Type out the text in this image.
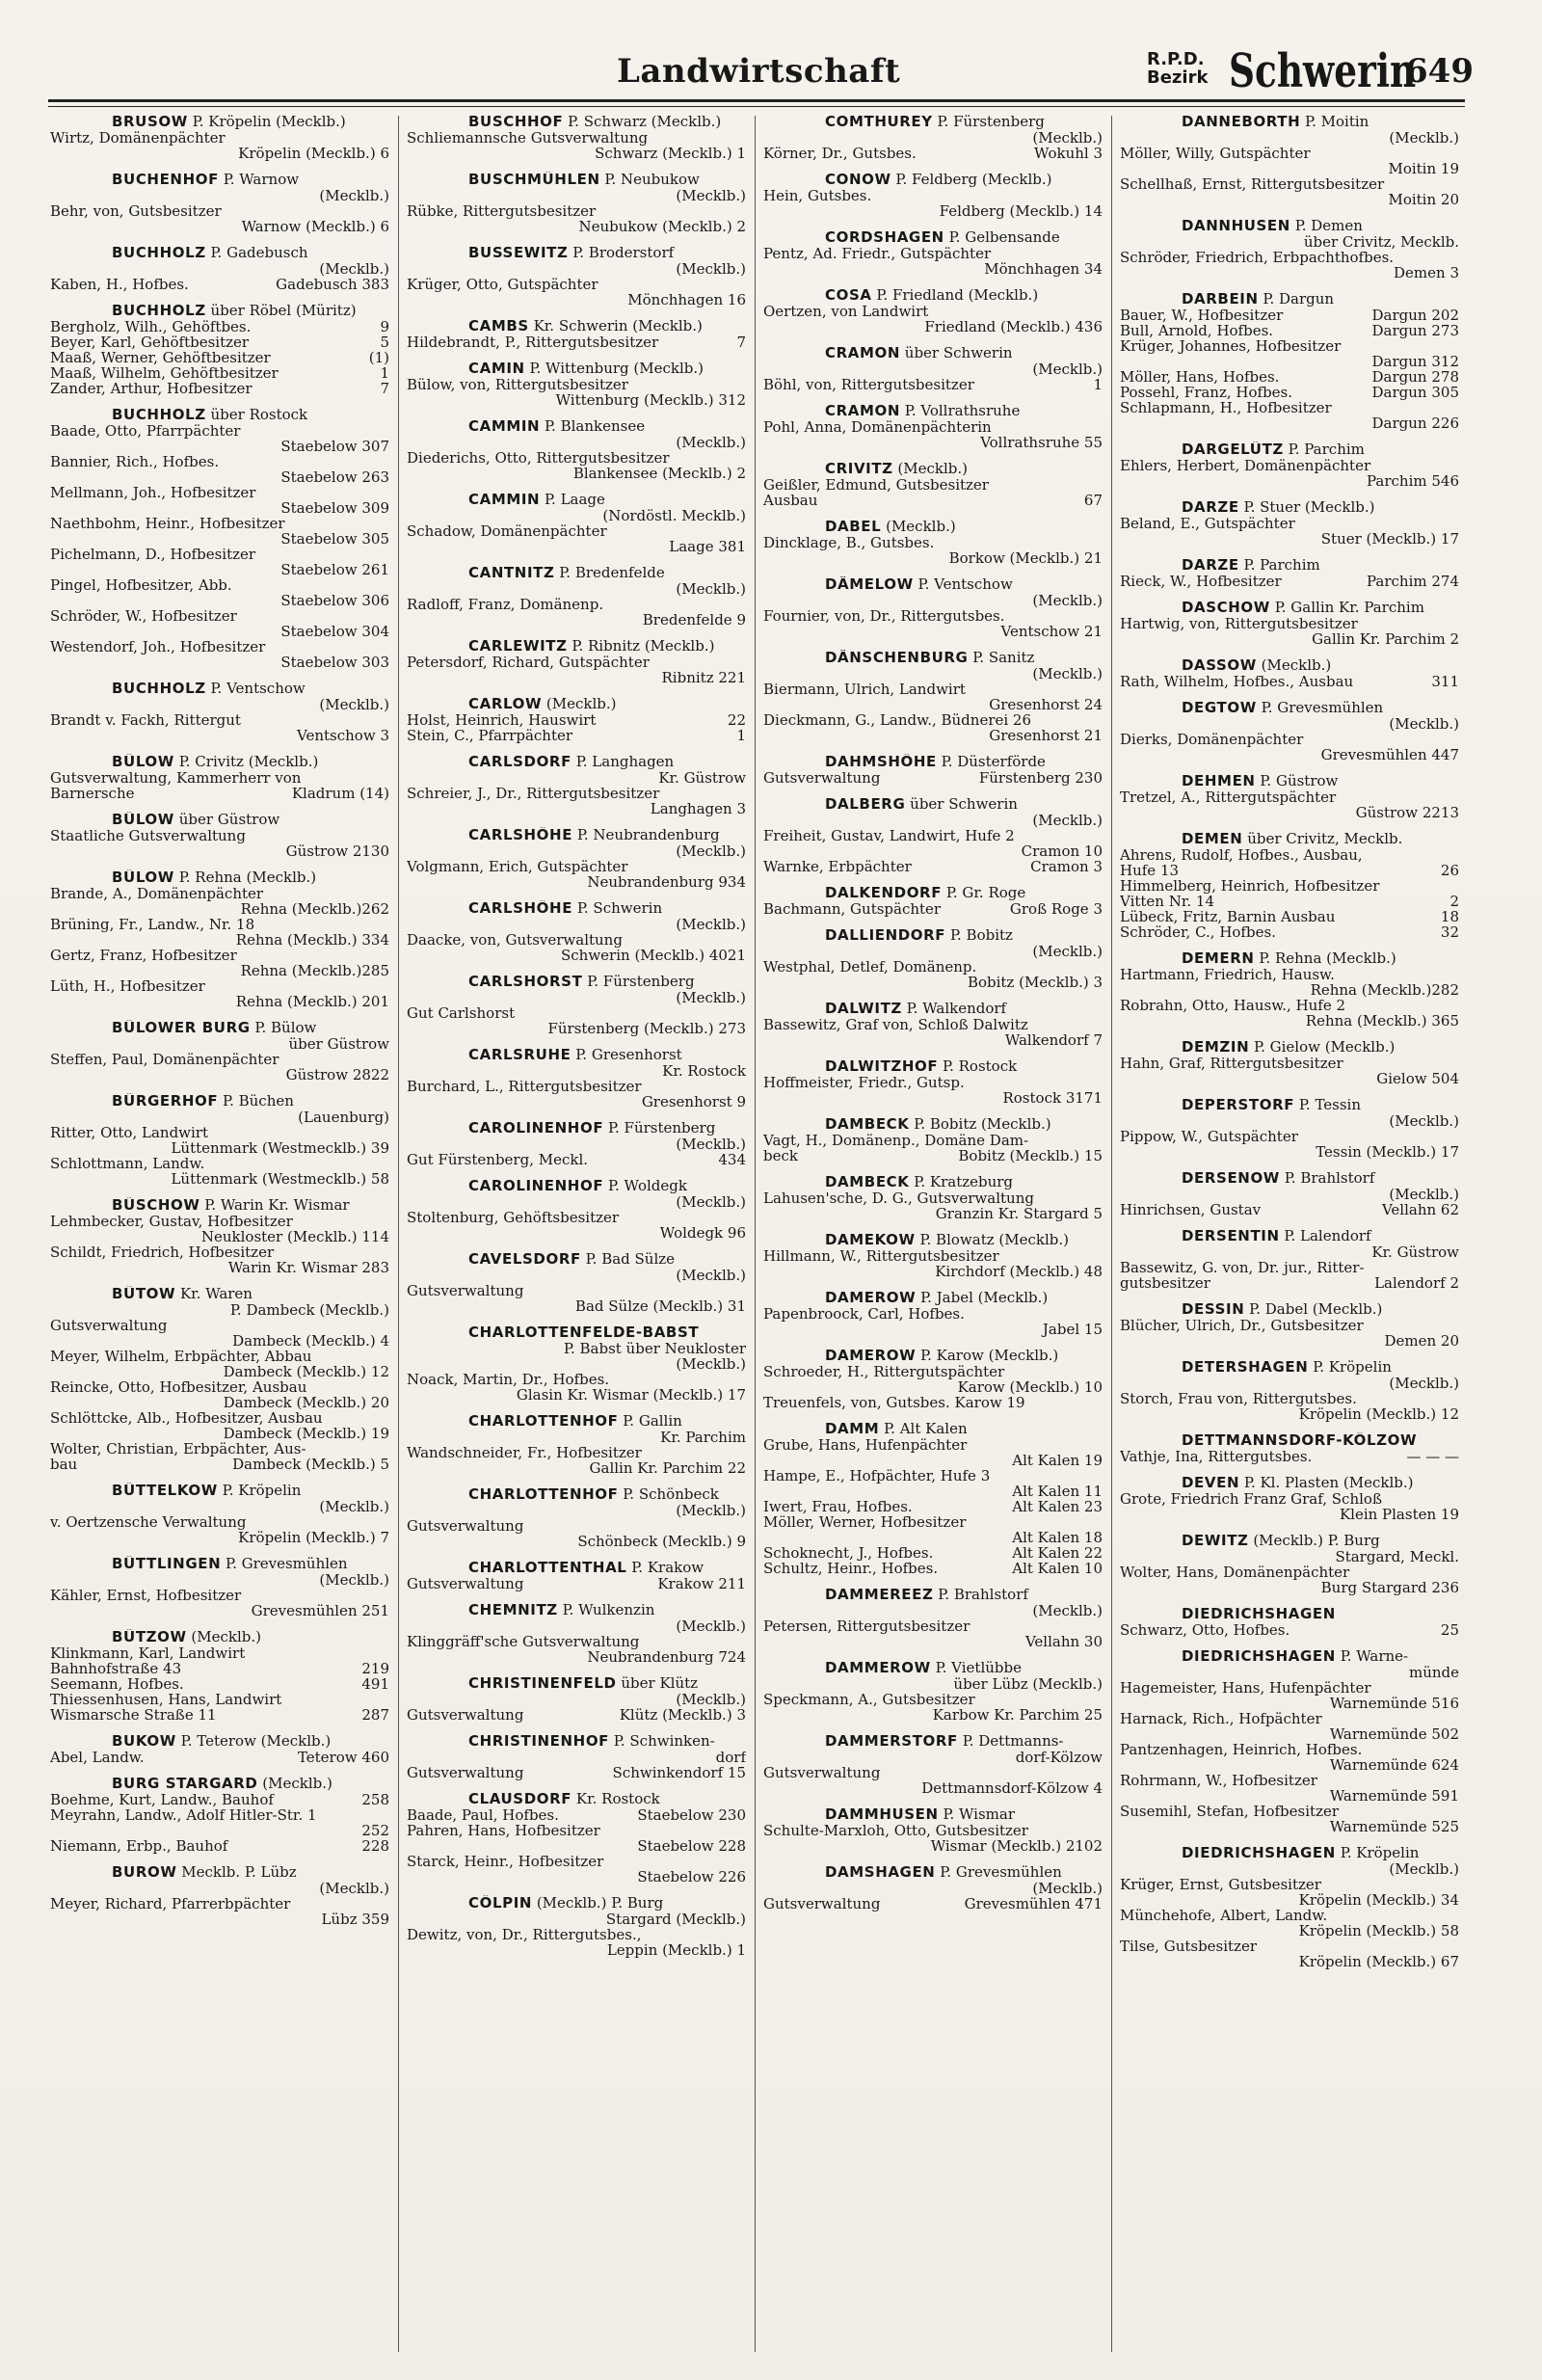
Landwirtschaft	R.P.D.
Bezirk Schwerin
649
BRUSOW P. Kröpelin (Mecklb.)
Wirtz, Domänenpächter
Kröpelin (Mecklb.) 6
BUCHENHOF P. Warnow
(Mecklb.)
Behr, von, Gutsbesitzer
Warnow (Mecklb.) 6
BUCHHOLZ P. Gadebusch
(Mecklb.)
Kaben, H., Hofbes.	Gadebusch 383
BUCHHOLZ über Röbel (Müritz)
Bergholz, Wilh., Gehöftbes.	9
Beyer, Karl, Gehöftbesitzer	5
Maaß, Werner, Gehöftbesitzer	(1)
Maaß, Wilhelm, Gehöftbesitzer	1
Zander, Arthur, Hofbesitzer	7
BUCHHOLZ über Rostock
Baade, Otto, Pfarrpächter
Staebelow 307
Bannier, Rich., Hofbes.
Staebelow 263
Mellmann, Joh., Hofbesitzer
Staebelow 309
Naethbohm, Heinr., Hofbesitzer
Staebelow 305
Pichelmann, D., Hofbesitzer
Staebelow 261
Pingel, Hofbesitzer, Abb.
Staebelow 306
Schröder, W., Hofbesitzer
Staebelow 304
Westendorf, Joh., Hofbesitzer
Staebelow 303
BUCHHOLZ P. Ventschow
(Mecklb.)
Brandt v. Fackh, Rittergut
Ventschow 3
BÜLOW P. Crivitz (Mecklb.)
Gutsverwaltung, Kammerherr von
Barnersche	Kladrum (14)
BÜLOW über Güstrow
Staatliche Gutsverwaltung
Güstrow 2130
BÜLOW P. Rehna (Mecklb.)
Brande, A., Domänenpächter
Rehna (Mecklb.)262
Brüning, Fr., Landw., Nr. 18
Rehna (Mecklb.) 334
Gertz, Franz, Hofbesitzer
Rehna (Mecklb.)285
Lüth, H., Hofbesitzer
Rehna (Mecklb.) 201
BÜLOWER BURG P. Bülow
über Güstrow
Steffen, Paul, Domänenpächter
Güstrow 2822
BÜRGERHOF P. Büchen
(Lauenburg)
Ritter, Otto, Landwirt
Lüttenmark (Westmecklb.) 39
Schlottmann, Landw.
Lüttenmark (Westmecklb.) 58
BÜSCHOW P. Warin Kr. Wismar
Lehmbecker, Gustav, Hofbesitzer
Neukloster (Mecklb.) 114
Schildt, Friedrich, Hofbesitzer
Warin Kr. Wismar 283
BÜTOW Kr. Waren
P. Dambeck (Mecklb.)
Gutsverwaltung
Dambeck (Mecklb.) 4
Meyer, Wilhelm, Erbpächter, Abbau
Dambeck (Mecklb.) 12
Reincke, Otto, Hofbesitzer, Ausbau
Dambeck (Mecklb.) 20
Schlöttcke, Alb., Hofbesitzer, Ausbau
Dambeck (Mecklb.) 19
Wolter, Christian, Erbpächter, Aus-
bau	Dambeck (Mecklb.) 5
BÜTTELKOW P. Kröpelin
(Mecklb.)
v. Oertzensche Verwaltung
Kröpelin (Mecklb.) 7
BÜTTLINGEN P. Grevesmühlen
(Mecklb.)
Kähler, Ernst, Hofbesitzer
Grevesmühlen 251
BÜTZOW (Mecklb.)
Klinkmann, Karl, Landwirt
Bahnhofstraße 43	219
Seemann, Hofbes.	491
Thiessenhusen, Hans, Landwirt
Wismarsche Straße 11	287
BUKOW P. Teterow (Mecklb.)
Abel, Landw.	Teterow 460
BURG STARGARD (Mecklb.)
Boehme, Kurt, Landw., Bauhof	258
Meyrahn, Landw., Adolf Hitler-Str. 1
252
Niemann, Erbp., Bauhof	228
BUROW Mecklb. P. Lübz
(Mecklb.)
Meyer, Richard, Pfarrerbpächter
Lübz 359
BUSCHHOF P. Schwarz (Mecklb.)
Schliemannsche Gutsverwaltung
Schwarz (Mecklb.) 1
BUSCHMÜHLEN P. Neubukow
(Mecklb.)
Rübke, Rittergutsbesitzer
Neubukow (Mecklb.) 2
BUSSEWITZ P. Broderstorf
(Mecklb.)
Krüger, Otto, Gutspächter
Mönchhagen 16
CAMBS Kr. Schwerin (Mecklb.)
Hildebrandt, P., Rittergutsbesitzer	7
CAMIN P. Wittenburg (Mecklb.)
Bülow, von, Rittergutsbesitzer
Wittenburg (Mecklb.) 312
CAMMIN P. Blankensee
(Mecklb.)
Diederichs, Otto, Rittergutsbesitzer
Blankensee (Mecklb.) 2
CAMMIN P. Laage
(Nordöstl. Mecklb.)
Schadow, Domänenpächter
Laage 381
CANTNITZ P. Bredenfelde
(Mecklb.)
Radloff, Franz, Domänenp.
Bredenfelde 9
CARLEWITZ P. Ribnitz (Mecklb.)
Petersdorf, Richard, Gutspächter
Ribnitz 221
CARLOW (Mecklb.)
Holst, Heinrich, Hauswirt	22
Stein, C., Pfarrpächter	1
CARLSDORF P. Langhagen
Kr. Güstrow
Schreier, J., Dr., Rittergutsbesitzer
Langhagen 3
CARLSHÖHE P. Neubrandenburg
(Mecklb.)
Volgmann, Erich, Gutspächter
Neubrandenburg 934
CARLSHÖHE P. Schwerin
(Mecklb.)
Daacke, von, Gutsverwaltung
Schwerin (Mecklb.) 4021
CARLSHORST P. Fürstenberg
(Mecklb.)
Gut Carlshorst
Fürstenberg (Mecklb.) 273
CARLSRUHE P. Gresenhorst
Kr. Rostock
Burchard, L., Rittergutsbesitzer
Gresenhorst 9
CAROLINENHOF P. Fürstenberg
(Mecklb.)
Gut Fürstenberg, Meckl.	434
CAROLINENHOF P. Woldegk
(Mecklb.)
Stoltenburg, Gehöftsbesitzer
Woldegk 96
CAVELSDORF P. Bad Sülze
(Mecklb.)
Gutsverwaltung
Bad Sülze (Mecklb.) 31
CHARLOTTENFELDE-BABST
P. Babst über Neukloster
(Mecklb.)
Noack, Martin, Dr., Hofbes.
Glasin Kr. Wismar (Mecklb.) 17
CHARLOTTENHOF P. Gallin
Kr. Parchim
Wandschneider, Fr., Hofbesitzer
Gallin Kr. Parchim 22
CHARLOTTENHOF P. Schönbeck
(Mecklb.)
Gutsverwaltung
Schönbeck (Mecklb.) 9
CHARLOTTENTHAL P. Krakow
Gutsverwaltung	Krakow 211
CHEMNITZ P. Wulkenzin
(Mecklb.)
Klinggräff'sche Gutsverwaltung
Neubrandenburg 724
CHRISTINENFELD über Klütz
(Mecklb.)
Gutsverwaltung	Klütz (Mecklb.) 3
CHRISTINENHOF P. Schwinken-
dorf
Gutsverwaltung	Schwinkendorf 15
CLAUSDORF Kr. Rostock
Baade, Paul, Hofbes.	Staebelow 230
Pahren, Hans, Hofbesitzer
Staebelow 228
Starck, Heinr., Hofbesitzer
Staebelow 226
CÖLPIN (Mecklb.) P. Burg
Stargard (Mecklb.)
Dewitz, von, Dr., Rittergutsbes.,
Leppin (Mecklb.) 1
COMTHUREY P. Fürstenberg
(Mecklb.)
Körner, Dr., Gutsbes.	Wokuhl 3
CONOW P. Feldberg (Mecklb.)
Hein, Gutsbes.
Feldberg (Mecklb.) 14
CORDSHAGEN P. Gelbensande
Pentz, Ad. Friedr., Gutspächter
Mönchhagen 34
COSA P. Friedland (Mecklb.)
Oertzen, von Landwirt
Friedland (Mecklb.) 436
CRAMON über Schwerin
(Mecklb.)
Böhl, von, Rittergutsbesitzer	1
CRAMON P. Vollrathsruhe
Pohl, Anna, Domänenpächterin
Vollrathsruhe 55
CRIVITZ (Mecklb.)
Geißler, Edmund, Gutsbesitzer
Ausbau	67
DABEL (Mecklb.)
Dincklage, B., Gutsbes.
Borkow (Mecklb.) 21
DÄMELOW P. Ventschow
(Mecklb.)
Fournier, von, Dr., Rittergutsbes.
Ventschow 21
DÄNSCHENBURG P. Sanitz
(Mecklb.)
Biermann, Ulrich, Landwirt
Gresenhorst 24
Dieckmann, G., Landw., Büdnerei 26
Gresenhorst 21
DAHMSHÖHE P. Düsterförde
Gutsverwaltung	Fürstenberg 230
DALBERG über Schwerin
(Mecklb.)
Freiheit, Gustav, Landwirt, Hufe 2
Cramon 10
Warnke, Erbpächter	Cramon 3
DALKENDORF P. Gr. Roge
Bachmann, Gutspächter	Groß Roge 3
DALLIENDORF P. Bobitz
(Mecklb.)
Westphal, Detlef, Domänenp.
Bobitz (Mecklb.) 3
DALWITZ P. Walkendorf
Bassewitz, Graf von, Schloß Dalwitz
Walkendorf 7
DALWITZHOF P. Rostock
Hoffmeister, Friedr., Gutsp.
Rostock 3171
DAMBECK P. Bobitz (Mecklb.)
Vagt, H., Domänenp., Domäne Dam-
beck	Bobitz (Mecklb.) 15
DAMBECK P. Kratzeburg
Lahusen'sche, D. G., Gutsverwaltung
Granzin Kr. Stargard 5
DAMEKOW P. Blowatz (Mecklb.)
Hillmann, W., Rittergutsbesitzer
Kirchdorf (Mecklb.) 48
DAMEROW P. Jabel (Mecklb.)
Papenbroock, Carl, Hofbes.
Jabel 15
DAMEROW P. Karow (Mecklb.)
Schroeder, H., Rittergutspächter
Karow (Mecklb.) 10
Treuenfels, von, Gutsbes. Karow 19
DAMM P. Alt Kalen
Grube, Hans, Hufenpächter
Alt Kalen 19
Hampe, E., Hofpächter, Hufe 3
Alt Kalen 11
Iwert, Frau, Hofbes.	Alt Kalen 23
Möller, Werner, Hofbesitzer
Alt Kalen 18
Schoknecht, J., Hofbes.	Alt Kalen 22
Schultz, Heinr., Hofbes.	Alt Kalen 10
DAMMEREEZ P. Brahlstorf
(Mecklb.)
Petersen, Rittergutsbesitzer
Vellahn 30
DAMMEROW P. Vietlübbe
über Lübz (Mecklb.)
Speckmann, A., Gutsbesitzer
Karbow Kr. Parchim 25
DAMMERSTORF P. Dettmanns-
dorf-Kölzow
Gutsverwaltung
Dettmannsdorf-Kölzow 4
DAMMHUSEN P. Wismar
Schulte-Marxloh, Otto, Gutsbesitzer
Wismar (Mecklb.) 2102
DAMSHAGEN P. Grevesmühlen
(Mecklb.)
Gutsverwaltung	Grevesmühlen 471
DANNEBORTH P. Moitin
(Mecklb.)
Möller, Willy, Gutspächter
Moitin 19
Schellhaß, Ernst, Rittergutsbesitzer
Moitin 20
DANNHUSEN P. Demen
über Crivitz, Mecklb.
Schröder, Friedrich, Erbpachthofbes.
Demen 3
DARBEIN P. Dargun
Bauer, W., Hofbesitzer	Dargun 202
Bull, Arnold, Hofbes.	Dargun 273
Krüger, Johannes, Hofbesitzer
Dargun 312
Möller, Hans, Hofbes.	Dargun 278
Possehl, Franz, Hofbes.	Dargun 305
Schlapmann, H., Hofbesitzer
Dargun 226
DARGELÜTZ P. Parchim
Ehlers, Herbert, Domänenpächter
Parchim 546
DARZE P. Stuer (Mecklb.)
Beland, E., Gutspächter
Stuer (Mecklb.) 17
DARZE P. Parchim
Rieck, W., Hofbesitzer	Parchim 274
DASCHOW P. Gallin Kr. Parchim
Hartwig, von, Rittergutsbesitzer
Gallin Kr. Parchim 2
DASSOW (Mecklb.)
Rath, Wilhelm, Hofbes., Ausbau	311
DEGTOW P. Grevesmühlen
(Mecklb.)
Dierks, Domänenpächter
Grevesmühlen 447
DEHMEN P. Güstrow
Tretzel, A., Rittergutspächter
Güstrow 2213
DEMEN über Crivitz, Mecklb.
Ahrens, Rudolf, Hofbes., Ausbau,
Hufe 13	26
Himmelberg, Heinrich, Hofbesitzer
Vitten Nr. 14	2
Lübeck, Fritz, Barnin Ausbau	18
Schröder, C., Hofbes.	32
DEMERN P. Rehna (Mecklb.)
Hartmann, Friedrich, Hausw.
Rehna (Mecklb.)282
Robrahn, Otto, Hausw., Hufe 2
Rehna (Mecklb.) 365
DEMZIN P. Gielow (Mecklb.)
Hahn, Graf, Rittergutsbesitzer
Gielow 504
DEPERSTORF P. Tessin
(Mecklb.)
Pippow, W., Gutspächter
Tessin (Mecklb.) 17
DERSENOW P. Brahlstorf
(Mecklb.)
Hinrichsen, Gustav	Vellahn 62
DERSENTIN P. Lalendorf
Kr. Güstrow
Bassewitz, G. von, Dr. jur., Ritter-
gutsbesitzer	Lalendorf 2
DESSIN P. Dabel (Mecklb.)
Blücher, Ulrich, Dr., Gutsbesitzer
Demen 20
DETERSHAGEN P. Kröpelin
(Mecklb.)
Storch, Frau von, Rittergutsbes.
Kröpelin (Mecklb.) 12
DETTMANNSDORF-KÖLZOW
Vathje, Ina, Rittergutsbes.	— — —
DEVEN P. Kl. Plasten (Mecklb.)
Grote, Friedrich Franz Graf, Schloß
Klein Plasten 19
DEWITZ (Mecklb.) P. Burg
Stargard, Meckl.
Wolter, Hans, Domänenpächter
Burg Stargard 236
DIEDRICHSHAGEN
Schwarz, Otto, Hofbes.	25
DIEDRICHSHAGEN P. Warne-
münde
Hagemeister, Hans, Hufenpächter
Warnemünde 516
Harnack, Rich., Hofpächter
Warnemünde 502
Pantzenhagen, Heinrich, Hofbes.
Warnemünde 624
Rohrmann, W., Hofbesitzer
Warnemünde 591
Susemihl, Stefan, Hofbesitzer
Warnemünde 525
DIEDRICHSHAGEN P. Kröpelin
(Mecklb.)
Krüger, Ernst, Gutsbesitzer
Kröpelin (Mecklb.) 34
Münchehofe, Albert, Landw.
Kröpelin (Mecklb.) 58
Tilse, Gutsbesitzer
Kröpelin (Mecklb.) 67
